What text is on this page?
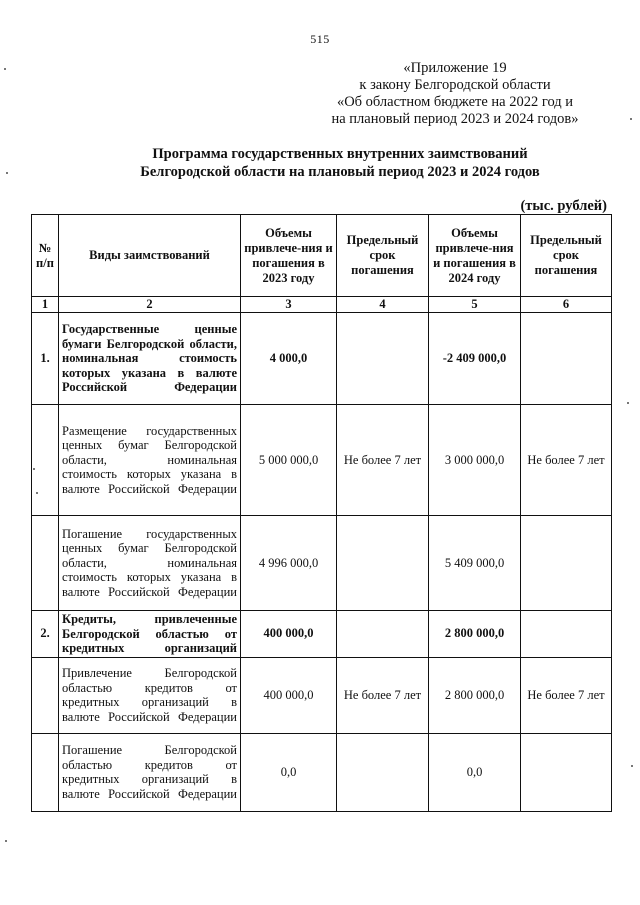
515
«Приложение 19
к закону Белгородской области
«Об областном бюджете на 2022 год и
на плановый период 2023 и 2024 годов»
Программа государственных внутренних заимствований
Белгородской области на плановый период 2023 и 2024 годов
(тыс. рублей)
№ п/п	Виды заимствований	Объемы привлече-ния и погашения в 2023 году	Предельный срок погашения	Объемы привлече-ния и погашения в 2024 году	Предельный срок погашения
1	2	3	4	5	6
1.	Государственные ценные бумаги Белгородской области, номинальная стоимость которых указана в валюте Российской Федерации	4 000,0		-2 409 000,0	
	Размещение государственных ценных бумаг Белгородской области, номинальная стоимость которых указана в валюте Российской Федерации	5 000 000,0	Не более 7 лет	3 000 000,0	Не более 7 лет
	Погашение государственных ценных бумаг Белгородской области, номинальная стоимость которых указана в валюте Российской Федерации	4 996 000,0		5 409 000,0	
2.	Кредиты, привлеченные Белгородской областью от кредитных организаций	400 000,0		2 800 000,0	
	Привлечение Белгородской областью кредитов от кредитных организаций в валюте Российской Федерации	400 000,0	Не более 7 лет	2 800 000,0	Не более 7 лет
	Погашение Белгородской областью кредитов от кредитных организаций в валюте Российской Федерации	0,0		0,0	
